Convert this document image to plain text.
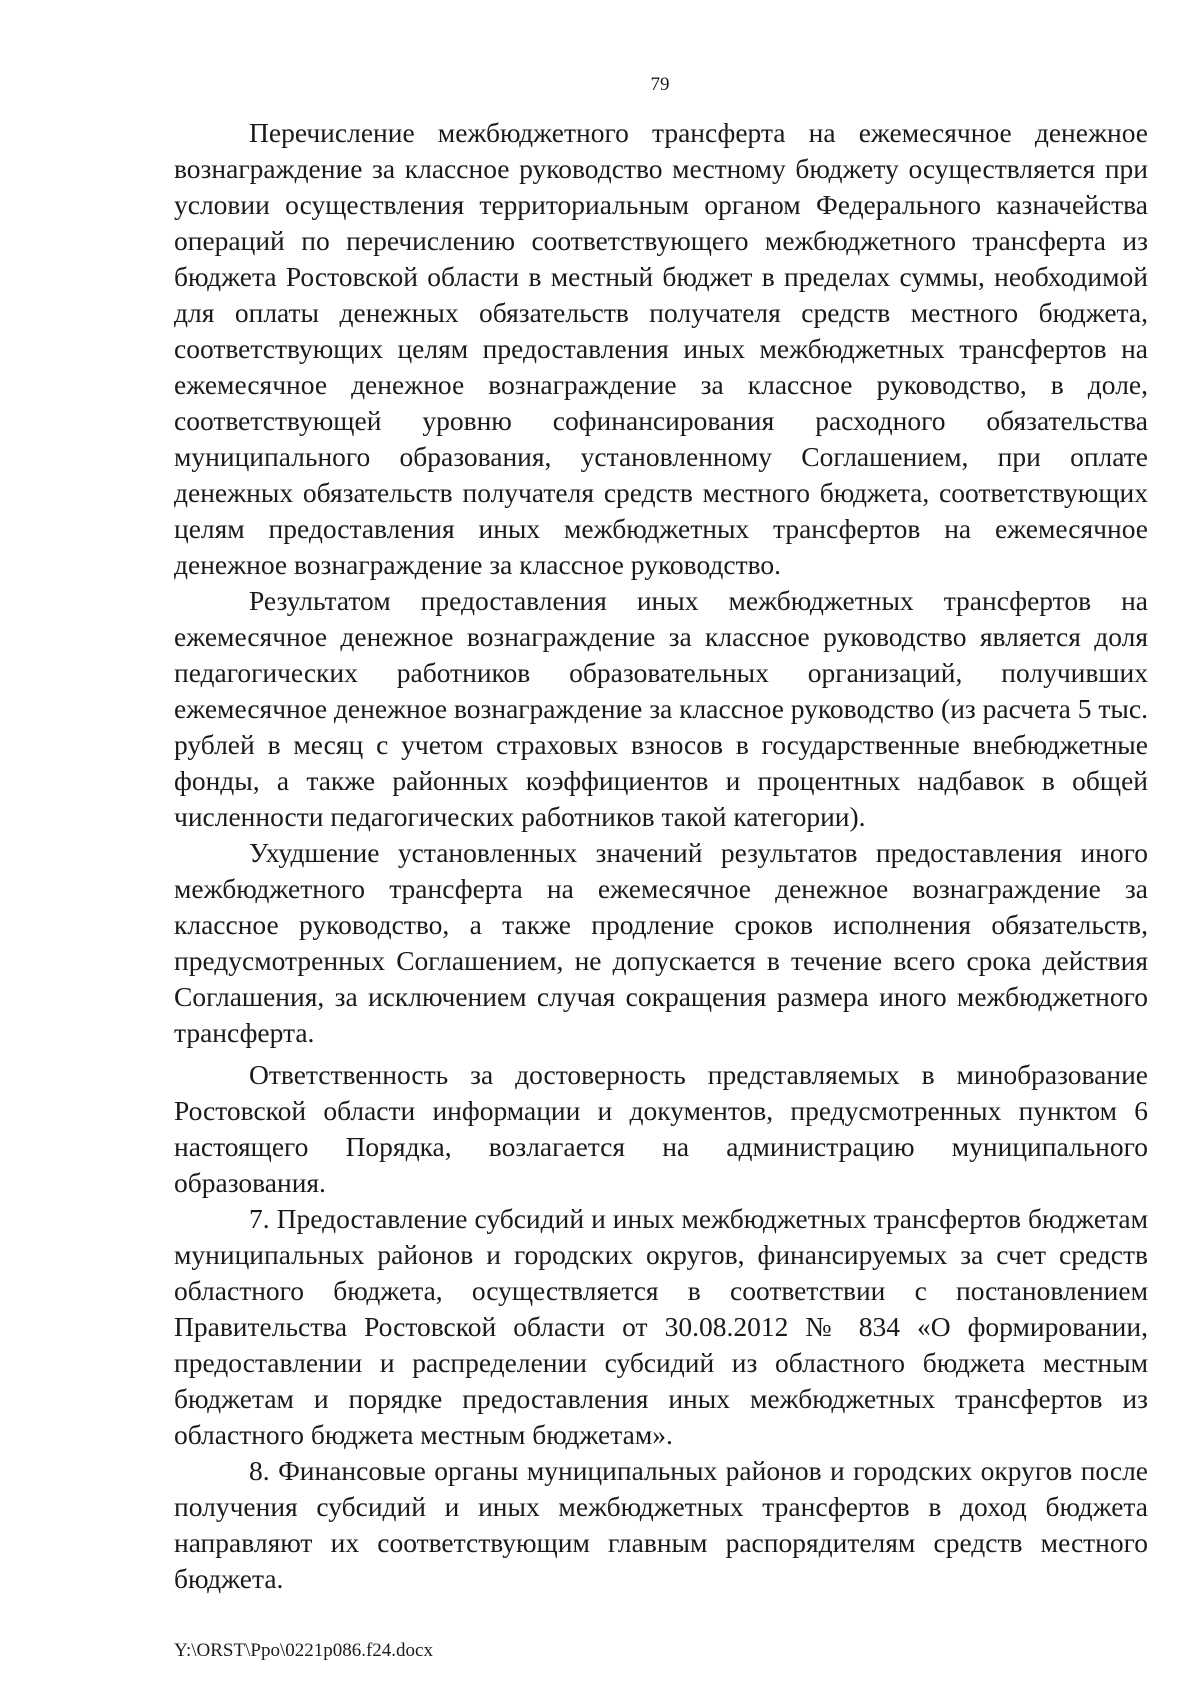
79

Перечисление межбюджетного трансферта на ежемесячное денежное вознаграждение за классное руководство местному бюджету осуществляется при условии осуществления территориальным органом Федерального казначейства операций по перечислению соответствующего межбюджетного трансферта из бюджета Ростовской области в местный бюджет в пределах суммы, необходимой для оплаты денежных обязательств получателя средств местного бюджета, соответствующих целям предоставления иных межбюджетных трансфертов на ежемесячное денежное вознаграждение за классное руководство, в доле, соответствующей уровню софинансирования расходного обязательства муниципального образования, установленному Соглашением, при оплате денежных обязательств получателя средств местного бюджета, соответствующих целям предоставления иных межбюджетных трансфертов на ежемесячное денежное вознаграждение за классное руководство.

Результатом предоставления иных межбюджетных трансфертов на ежемесячное денежное вознаграждение за классное руководство является доля педагогических работников образовательных организаций, получивших ежемесячное денежное вознаграждение за классное руководство (из расчета 5 тыс. рублей в месяц с учетом страховых взносов в государственные внебюджетные фонды, а также районных коэффициентов и процентных надбавок в общей численности педагогических работников такой категории).

Ухудшение установленных значений результатов предоставления иного межбюджетного трансферта на ежемесячное денежное вознаграждение за классное руководство, а также продление сроков исполнения обязательств, предусмотренных Соглашением, не допускается в течение всего срока действия Соглашения, за исключением случая сокращения размера иного межбюджетного трансферта.

Ответственность за достоверность представляемых в минобразование Ростовской области информации и документов, предусмотренных пунктом 6 настоящего Порядка, возлагается на администрацию муниципального образования.

7. Предоставление субсидий и иных межбюджетных трансфертов бюджетам муниципальных районов и городских округов, финансируемых за счет средств областного бюджета, осуществляется в соответствии с постановлением Правительства Ростовской области от 30.08.2012 № 834 «О формировании, предоставлении и распределении субсидий из областного бюджета местным бюджетам и порядке предоставления иных межбюджетных трансфертов из областного бюджета местным бюджетам».

8. Финансовые органы муниципальных районов и городских округов после получения субсидий и иных межбюджетных трансфертов в доход бюджета направляют их соответствующим главным распорядителям средств местного бюджета.

Y:\ORST\Ppo\0221p086.f24.docx
